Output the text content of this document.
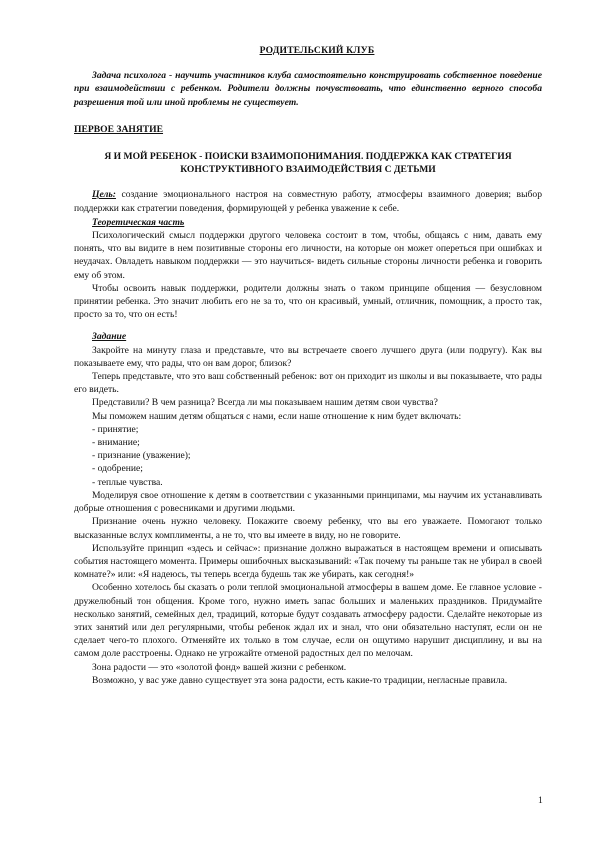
РОДИТЕЛЬСКИЙ КЛУБ

Задача психолога - научить участников клуба самостоятельно конструировать собственное поведение при взаимодействии с ребенком. Родители должны почувствовать, что единственно верного способа разрешения той или иной проблемы не существует.

ПЕРВОЕ ЗАНЯТИЕ

Я И МОЙ РЕБЕНОК - ПОИСКИ ВЗАИМОПОНИМАНИЯ. ПОДДЕРЖКА КАК СТРАТЕГИЯ КОНСТРУКТИВНОГО ВЗАИМОДЕЙСТВИЯ С ДЕТЬМИ

Цель: создание эмоционального настроя на совместную работу, атмосферы взаимного доверия; выбор поддержки как стратегии поведения, формирующей у ребенка уважение к себе.

Теоретическая часть

Психологический смысл поддержки другого человека состоит в том, чтобы, общаясь с ним, давать ему понять, что вы видите в нем позитивные стороны его личности, на которые он может опереться при ошибках и неудачах. Овладеть навыком поддержки — это научиться- видеть сильные стороны личности ребенка и говорить ему об этом.

Чтобы освоить навык поддержки, родители должны знать о таком принципе общения — безусловном принятии ребенка. Это значит любить его не за то, что он красивый, умный, отличник, помощник, а просто так, просто за то, что он есть!

Задание

Закройте на минуту глаза и представьте, что вы встречаете своего лучшего друга (или подругу). Как вы показываете ему, что рады, что он вам дорог, близок?

Теперь представьте, что это ваш собственный ребенок: вот он приходит из школы и вы показываете, что рады его видеть.

Представили? В чем разница? Всегда ли мы показываем нашим детям свои чувства?

Мы поможем нашим детям общаться с нами, если наше отношение к ним будет включать:

- принятие;
- внимание;
- признание (уважение);
- одобрение;
- теплые чувства.

Моделируя свое отношение к детям в соответствии с указанными принципами, мы научим их устанавливать добрые отношения с ровесниками и другими людьми.

Признание очень нужно человеку. Покажите своему ребенку, что вы его уважаете. Помогают только высказанные вслух комплименты, а не то, что вы имеете в виду, но не говорите.

Используйте принцип «здесь и сейчас»: признание должно выражаться в настоящем времени и описывать события настоящего момента. Примеры ошибочных высказываний: «Так почему ты раньше так не убирал в своей комнате?» или: «Я надеюсь, ты теперь всегда будешь так же убирать, как сегодня!»

Особенно хотелось бы сказать о роли теплой эмоциональной атмосферы в вашем доме. Ее главное условие - дружелюбный тон общения. Кроме того, нужно иметь запас больших и маленьких праздников. Придумайте несколько занятий, семейных дел, традиций, которые будут создавать атмосферу радости. Сделайте некоторые из этих занятий или дел регулярными, чтобы ребенок ждал их и знал, что они обязательно наступят, если он не сделает чего-то плохого. Отменяйте их только в том случае, если он ощутимо нарушит дисциплину, и вы на самом доле расстроены. Однако не угрожайте отменой радостных дел по мелочам.

Зона радости — это «золотой фонд» вашей жизни с ребенком.

Возможно, у вас уже давно существует эта зона радости, есть какие-то традиции, негласные правила.

1
